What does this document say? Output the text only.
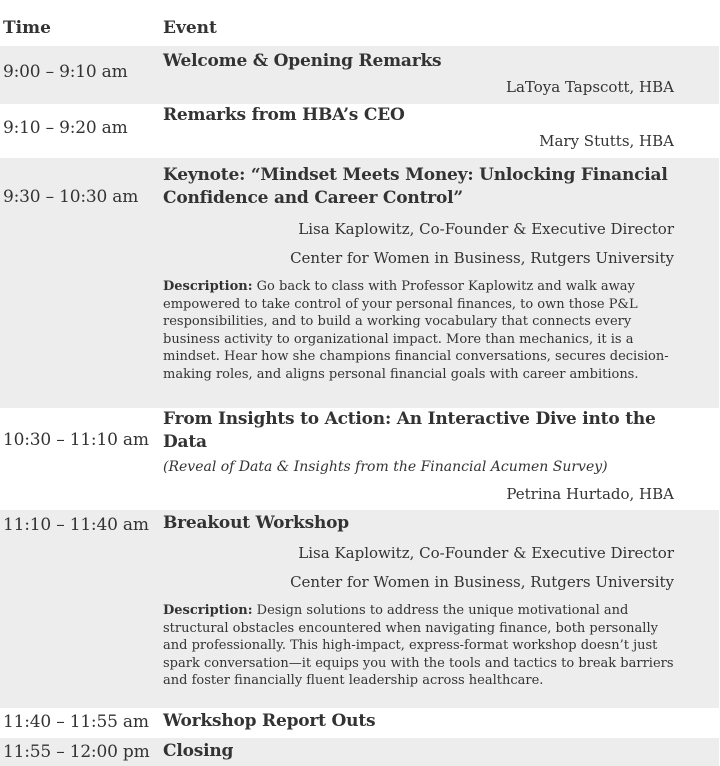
Time	Event
9:00 – 9:10 am
Welcome & Opening Remarks
LaToya Tapscott, HBA
9:10 – 9:20 am
Remarks from HBA’s CEO
Mary Stutts, HBA
9:30 – 10:30 am
Keynote: “Mindset Meets Money: Unlocking Financial Confidence and Career Control”
Lisa Kaplowitz, Co-Founder & Executive Director
Center for Women in Business, Rutgers University
Description: Go back to class with Professor Kaplowitz and walk away empowered to take control of your personal finances, to own those P&L responsibilities, and to build a working vocabulary that connects every business activity to organizational impact. More than mechanics, it is a mindset. Hear how she champions financial conversations, secures decision-making roles, and aligns personal financial goals with career ambitions.
10:30 – 11:10 am
From Insights to Action: An Interactive Dive into the Data
(Reveal of Data & Insights from the Financial Acumen Survey)
Petrina Hurtado, HBA
11:10 – 11:40 am Breakout Workshop
Lisa Kaplowitz, Co-Founder & Executive Director
Center for Women in Business, Rutgers University
Description: Design solutions to address the unique motivational and structural obstacles encountered when navigating finance, both personally and professionally. This high-impact, express-format workshop doesn’t just spark conversation—it equips you with the tools and tactics to break barriers and foster financially fluent leadership across healthcare.
11:40 – 11:55 am Workshop Report Outs
11:55 – 12:00 pm Closing
